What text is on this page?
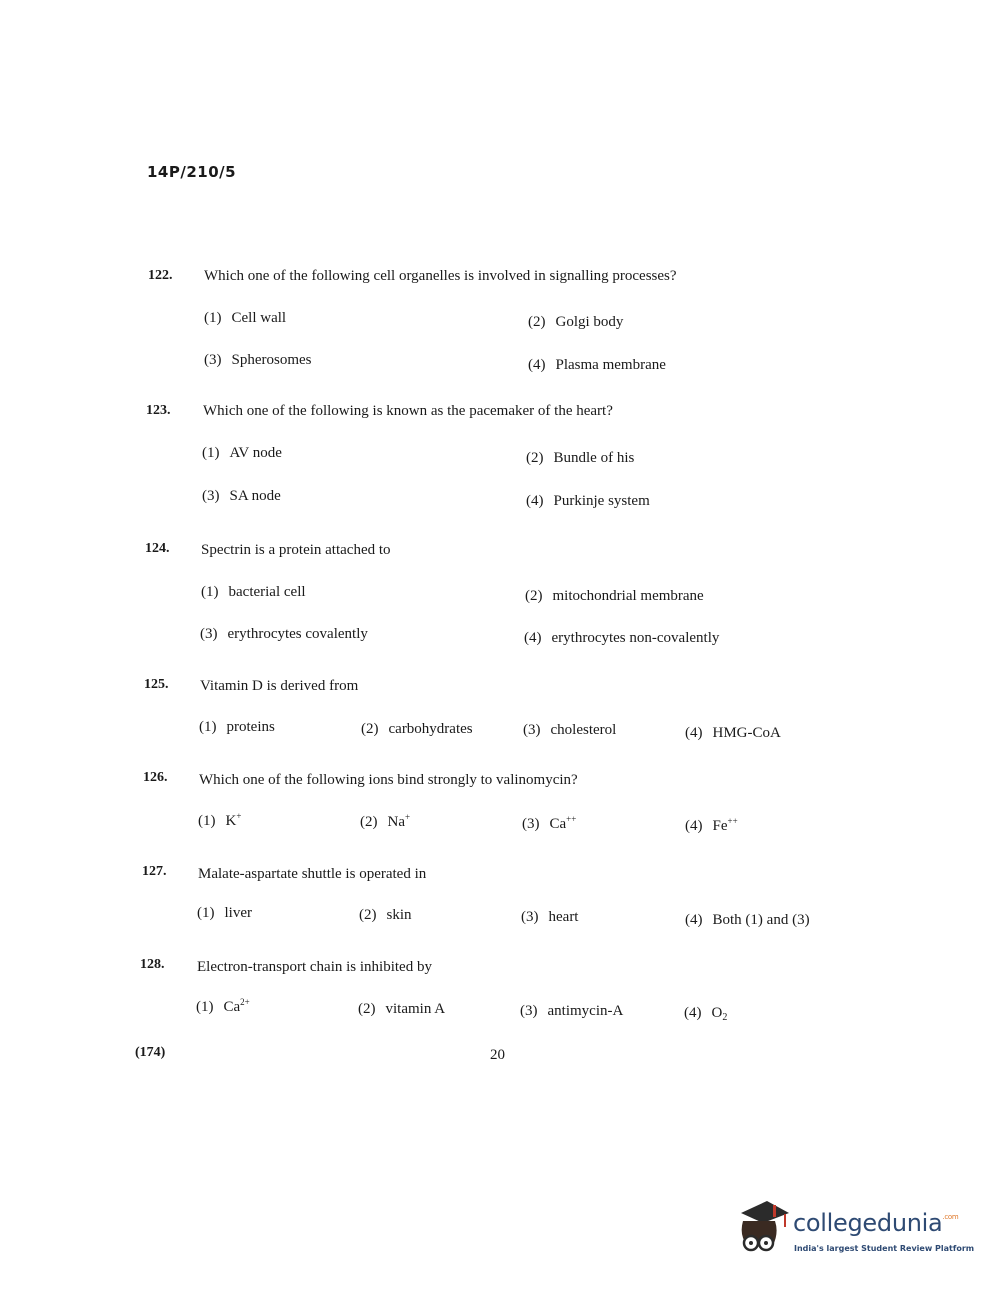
14P/210/5
122. Which one of the following cell organelles is involved in signalling processes?
(1) Cell wall	(2) Golgi body
(3) Spherosomes	(4) Plasma membrane
123. Which one of the following is known as the pacemaker of the heart?
(1) AV node	(2) Bundle of his
(3) SA node	(4) Purkinje system
124. Spectrin is a protein attached to
(1) bacterial cell	(2) mitochondrial membrane
(3) erythrocytes covalently	(4) erythrocytes non-covalently
125. Vitamin D is derived from
(1) proteins	(2) carbohydrates	(3) cholesterol	(4) HMG-CoA
126. Which one of the following ions bind strongly to valinomycin?
(1) K+	(2) Na+	(3) Ca++	(4) Fe++
127. Malate-aspartate shuttle is operated in
(1) liver	(2) skin	(3) heart	(4) Both (1) and (3)
128. Electron-transport chain is inhibited by
(1) $Ca^{2+}$	(2) vitamin A	(3) antimycin-A	(4) $O_2$
(174)	20
collegedunia$^{.com}$
India's largest Student Review Platform
